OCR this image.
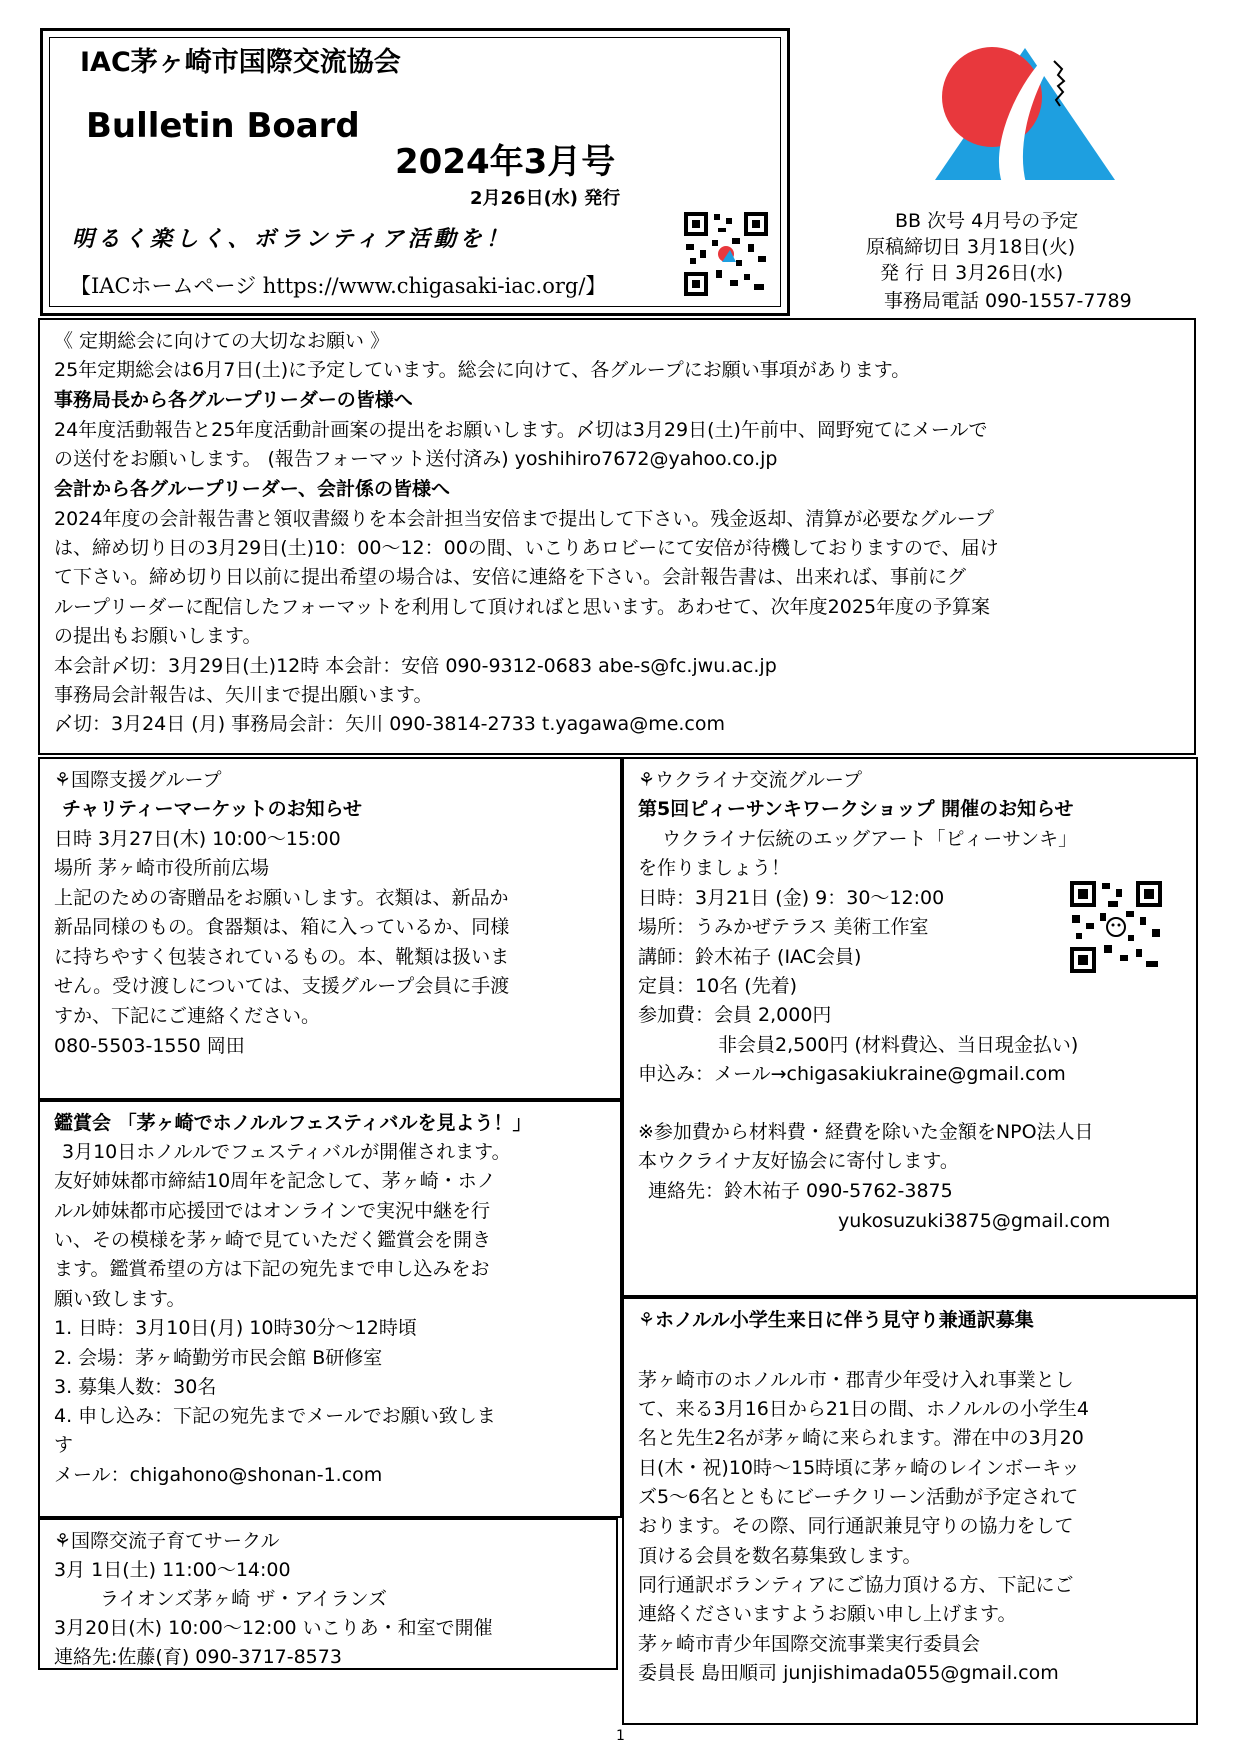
IAC茅ヶ崎市国際交流協会
Bulletin Board
2024年3月号
2月26日(水) 発行
明るく楽しく、ボランティア活動を！
【IACホームページ https://www.chigasaki-iac.org/】
BB 次号 4月号の予定
原稿締切日 3月18日(火)
発 行 日 3月26日(水)
事務局電話 090-1557-7789
《 定期総会に向けての大切なお願い 》
25年定期総会は6月7日(土)に予定しています。総会に向けて、各グループにお願い事項があります。
事務局長から各グループリーダーの皆様へ
24年度活動報告と25年度活動計画案の提出をお願いします。〆切は3月29日(土)午前中、岡野宛てにメールで
の送付をお願いします。 (報告フォーマット送付済み) yoshihiro7672@yahoo.co.jp
会計から各グループリーダー、会計係の皆様へ
2024年度の会計報告書と領収書綴りを本会計担当安倍まで提出して下さい。残金返却、清算が必要なグループ
は、締め切り日の3月29日(土)10：00〜12：00の間、いこりあロビーにて安倍が待機しておりますので、届け
て下さい。締め切り日以前に提出希望の場合は、安倍に連絡を下さい。会計報告書は、出来れば、事前にグ
ループリーダーに配信したフォーマットを利用して頂ければと思います。あわせて、次年度2025年度の予算案
の提出もお願いします。
本会計〆切：3月29日(土)12時 本会計：安倍 090-9312-0683 abe-s@fc.jwu.ac.jp
事務局会計報告は、矢川まで提出願います。
〆切：3月24日 (月) 事務局会計：矢川 090-3814-2733 t.yagawa@me.com
⚘国際支援グループ
チャリティーマーケットのお知らせ
日時 3月27日(木) 10:00〜15:00
場所 茅ヶ崎市役所前広場
上記のための寄贈品をお願いします。衣類は、新品か
新品同様のもの。食器類は、箱に入っているか、同様
に持ちやすく包装されているもの。本、靴類は扱いま
せん。受け渡しについては、支援グループ会員に手渡
すか、下記にご連絡ください。
080-5503-1550 岡田
⚘ウクライナ交流グループ
第5回ピィーサンキワークショップ 開催のお知らせ
ウクライナ伝統のエッグアート「ピィーサンキ」
を作りましょう！
日時：3月21日 (金) 9：30〜12:00
場所：うみかぜテラス 美術工作室
講師：鈴木祐子 (IAC会員)
定員：10名 (先着)
参加費：会員 2,000円
非会員2,500円 (材料費込、当日現金払い)
申込み：メール→chigasakiukraine@gmail.com
※参加費から材料費・経費を除いた金額をNPO法人日
本ウクライナ友好協会に寄付します。
連絡先：鈴木祐子 090-5762-3875
yukosuzuki3875@gmail.com
鑑賞会 「茅ヶ崎でホノルルフェスティバルを見よう！」
3月10日ホノルルでフェスティバルが開催されます。
友好姉妹都市締結10周年を記念して、茅ヶ崎・ホノ
ルル姉妹都市応援団ではオンラインで実況中継を行
い、その模様を茅ヶ崎で見ていただく鑑賞会を開き
ます。鑑賞希望の方は下記の宛先まで申し込みをお
願い致します。
1. 日時：3月10日(月) 10時30分〜12時頃
2. 会場：茅ヶ崎勤労市民会館 B研修室
3. 募集人数：30名
4. 申し込み：下記の宛先までメールでお願い致しま
す
メール：chigahono@shonan-1.com
⚘ホノルル小学生来日に伴う見守り兼通訳募集
茅ヶ崎市のホノルル市・郡青少年受け入れ事業とし
て、来る3月16日から21日の間、ホノルルの小学生4
名と先生2名が茅ヶ崎に来られます。滞在中の3月20
日(木・祝)10時〜15時頃に茅ヶ崎のレインボーキッ
ズ5〜6名とともにビーチクリーン活動が予定されて
おります。その際、同行通訳兼見守りの協力をして
頂ける会員を数名募集致します。
同行通訳ボランティアにご協力頂ける方、下記にご
連絡くださいますようお願い申し上げます。
茅ヶ崎市青少年国際交流事業実行委員会
委員長 島田順司 junjishimada055@gmail.com
⚘国際交流子育てサークル
3月 1日(土) 11:00〜14:00
ライオンズ茅ヶ崎 ザ・アイランズ
3月20日(木) 10:00〜12:00 いこりあ・和室で開催
連絡先:佐藤(育) 090-3717-8573
1
